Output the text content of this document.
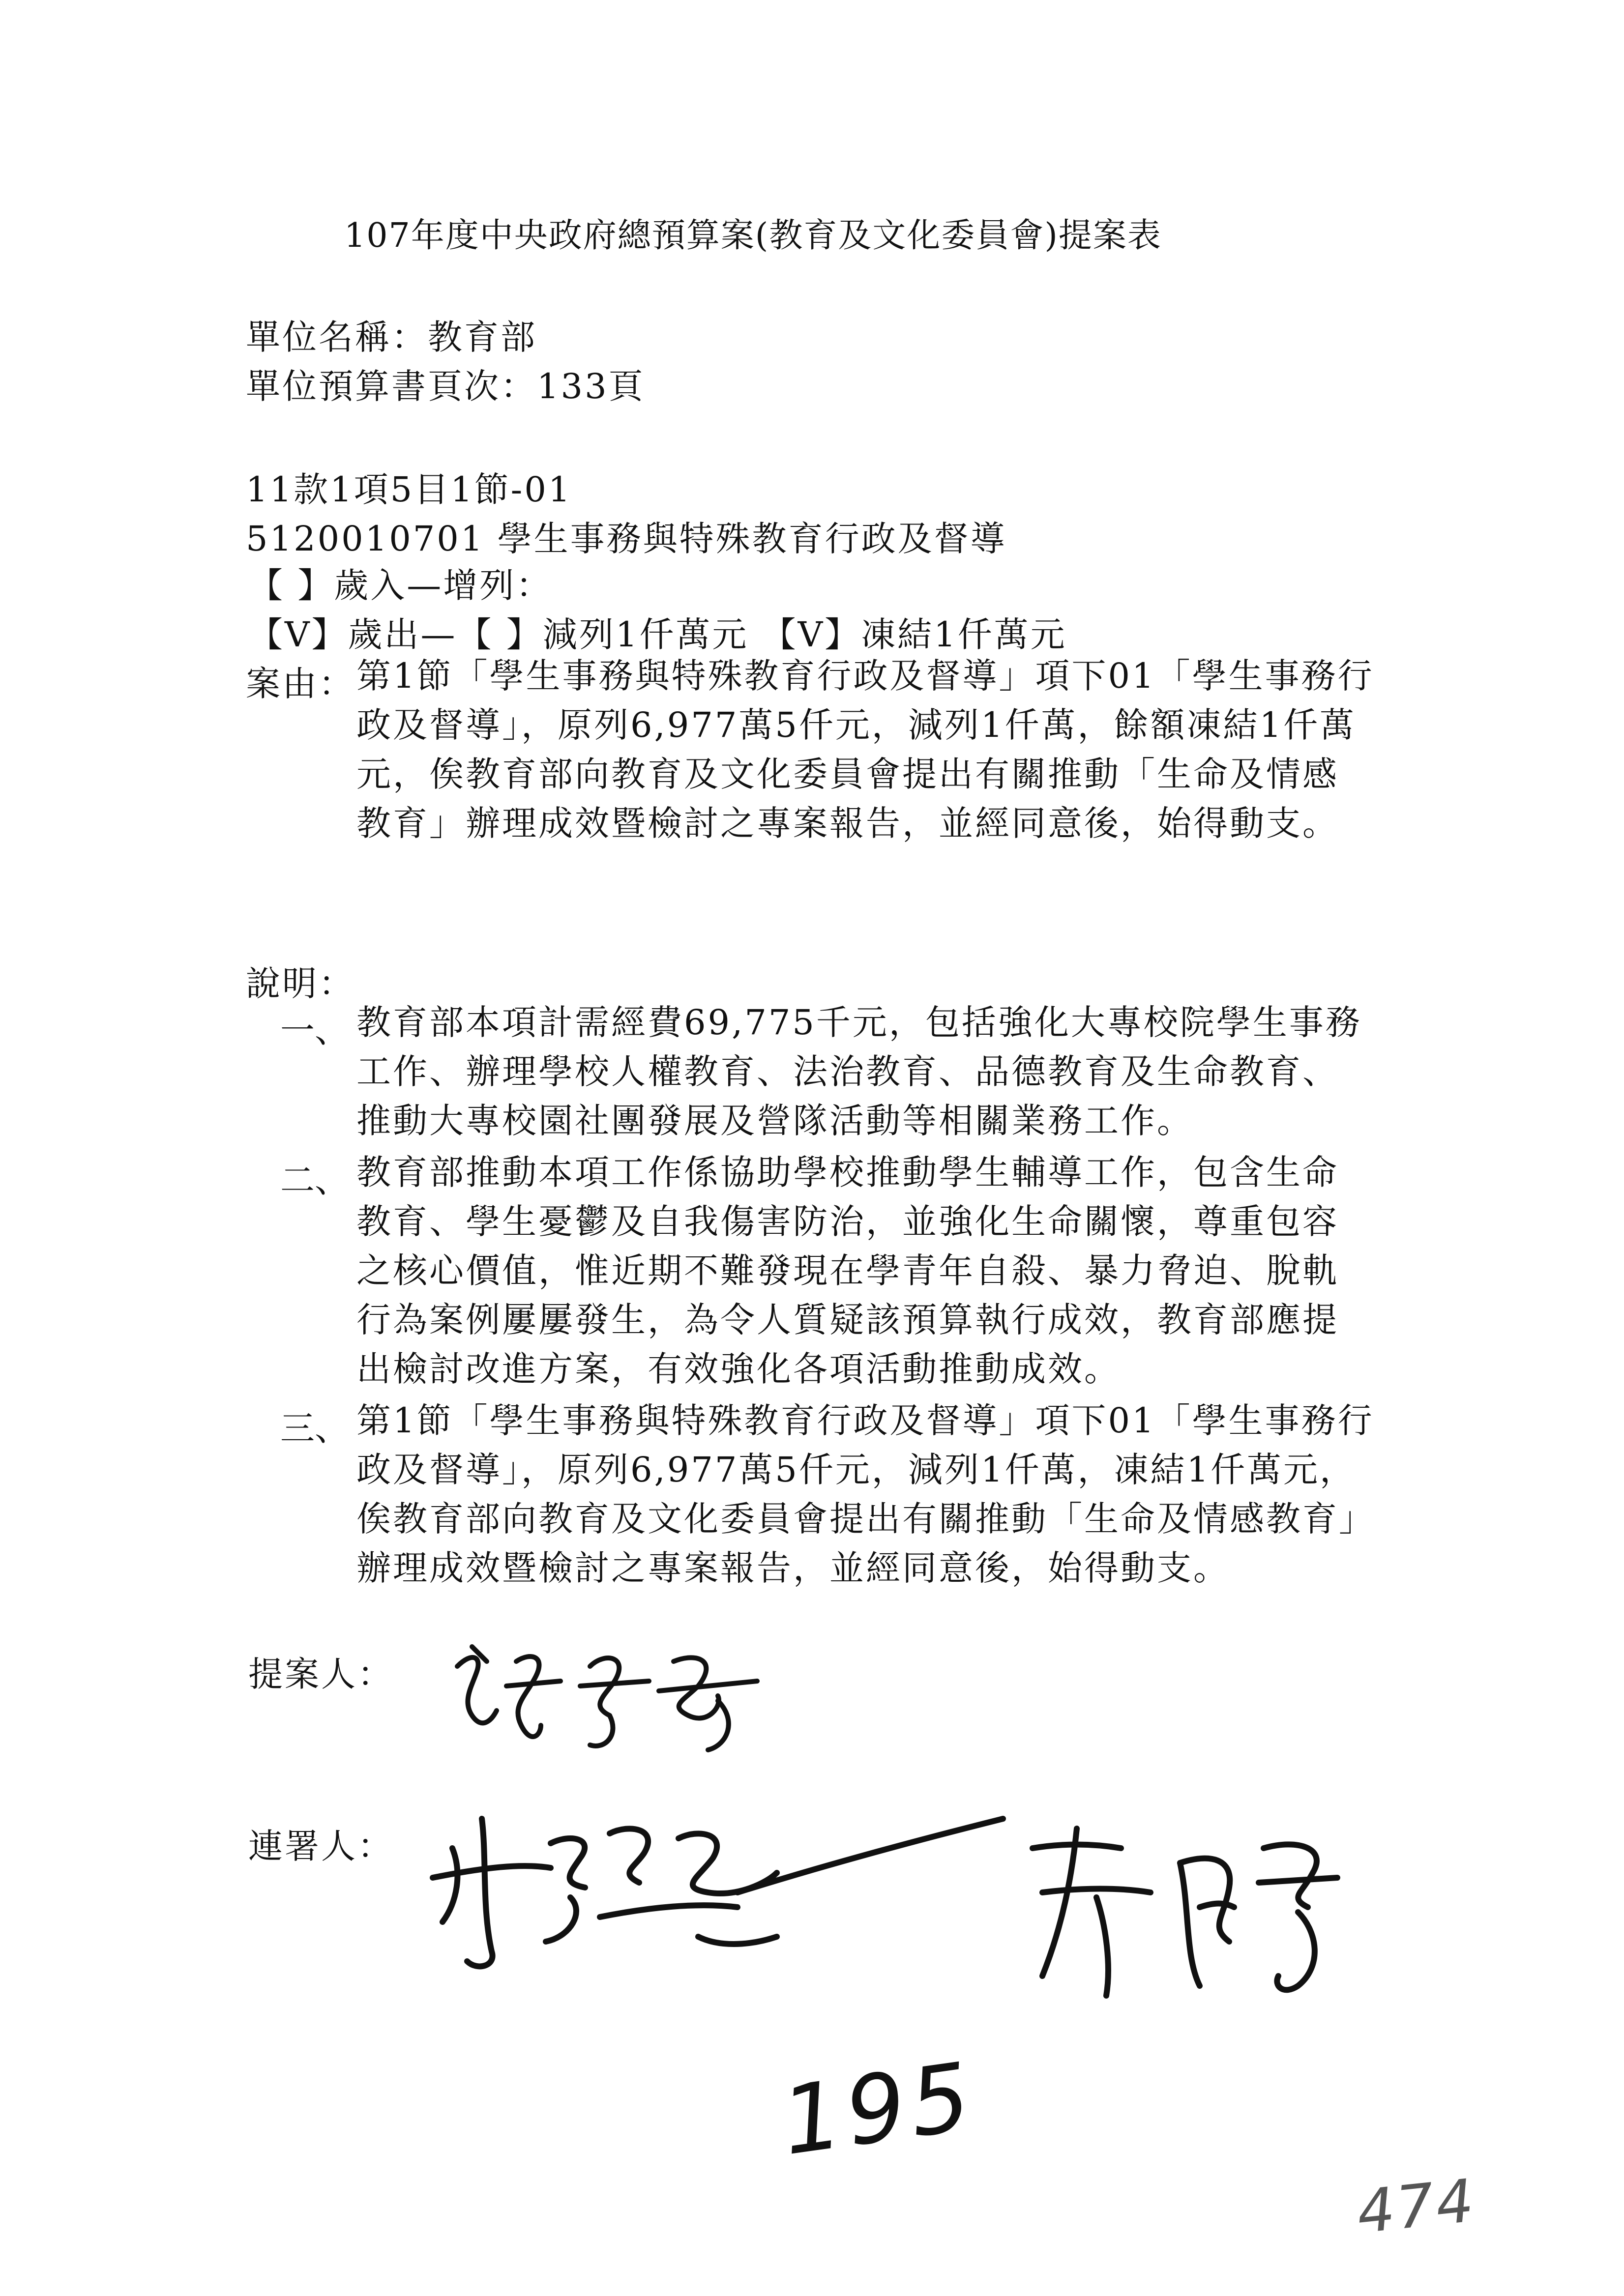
107年度中央政府總預算案(教育及文化委員會)提案表
單位名稱：教育部
單位預算書頁次：133頁
11款1項5目1節-01
5120010701 學生事務與特殊教育行政及督導
【 】歲入—增列：
【V】歲出—【 】減列1仟萬元 【V】凍結1仟萬元
案由： 第1節「學生事務與特殊教育行政及督導」項下01「學生事務行政及督導」，原列6,977萬5仟元，減列1仟萬，餘額凍結1仟萬元，俟教育部向教育及文化委員會提出有關推動「生命及情感教育」辦理成效暨檢討之專案報告，並經同意後，始得動支。
說明：
一、 教育部本項計需經費69,775千元，包括強化大專校院學生事務工作、辦理學校人權教育、法治教育、品德教育及生命教育、推動大專校園社團發展及營隊活動等相關業務工作。
二、 教育部推動本項工作係協助學校推動學生輔導工作，包含生命教育、學生憂鬱及自我傷害防治，並強化生命關懷，尊重包容之核心價值，惟近期不難發現在學青年自殺、暴力脅迫、脫軌行為案例屢屢發生，為令人質疑該預算執行成效，教育部應提出檢討改進方案，有效強化各項活動推動成效。
三、 第1節「學生事務與特殊教育行政及督導」項下01「學生事務行政及督導」，原列6,977萬5仟元，減列1仟萬，凍結1仟萬元，俟教育部向教育及文化委員會提出有關推動「生命及情感教育」辦理成效暨檢討之專案報告，並經同意後，始得動支。
提案人：
連署人：
195
474
